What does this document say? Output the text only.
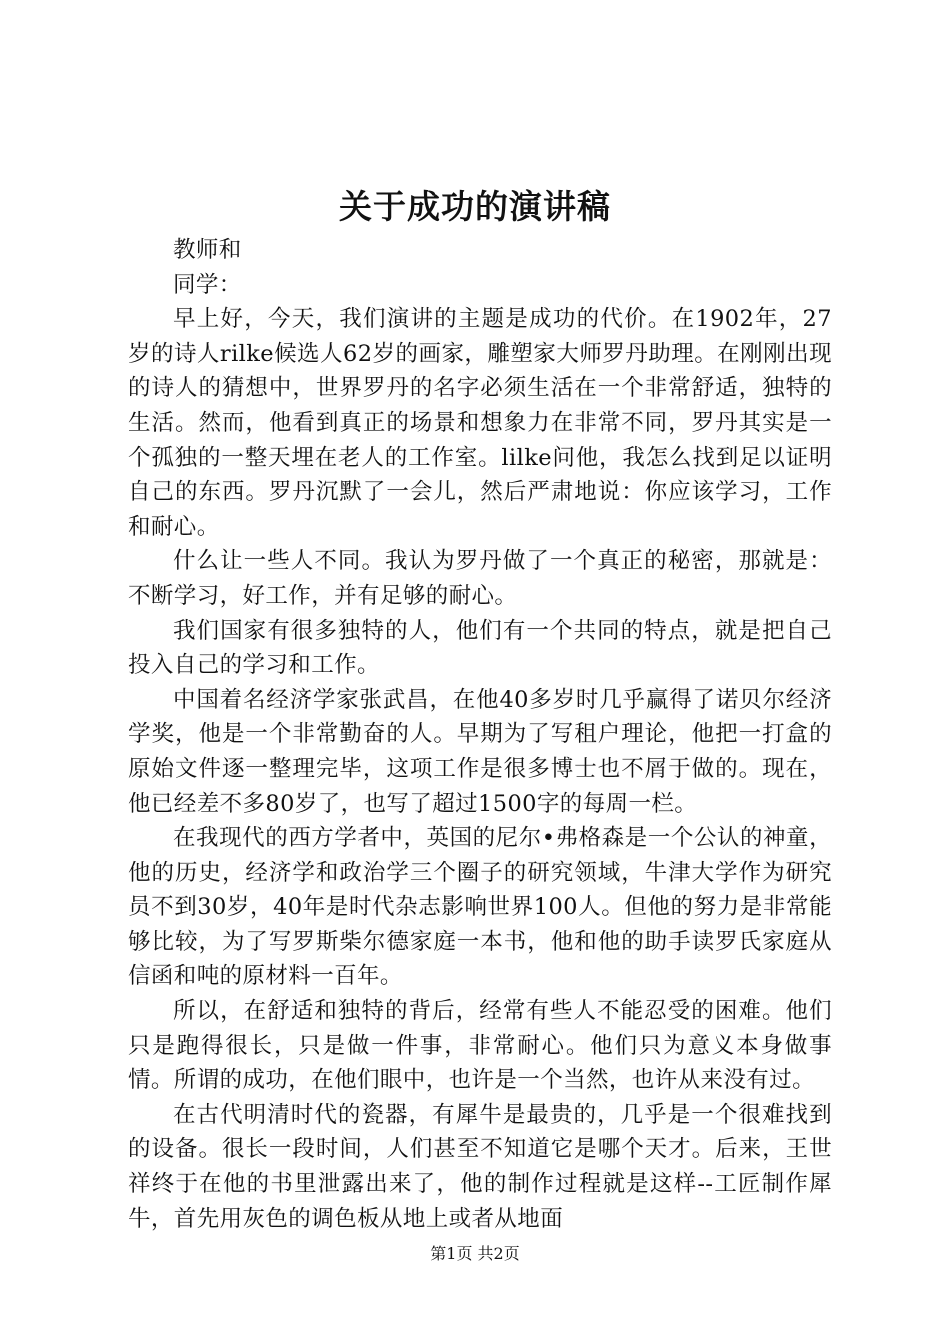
关于成功的演讲稿

教师和

同学：

早上好，今天，我们演讲的主题是成功的代价。在1902年，27岁的诗人rilke候选人62岁的画家，雕塑家大师罗丹助理。在刚刚出现的诗人的猜想中，世界罗丹的名字必须生活在一个非常舒适，独特的生活。然而，他看到真正的场景和想象力在非常不同，罗丹其实是一个孤独的一整天埋在老人的工作室。lilke问他，我怎么找到足以证明自己的东西。罗丹沉默了一会儿，然后严肃地说：你应该学习，工作和耐心。

什么让一些人不同。我认为罗丹做了一个真正的秘密，那就是：不断学习，好工作，并有足够的耐心。

我们国家有很多独特的人，他们有一个共同的特点，就是把自己投入自己的学习和工作。

中国着名经济学家张武昌，在他40多岁时几乎赢得了诺贝尔经济学奖，他是一个非常勤奋的人。早期为了写租户理论，他把一打盒的原始文件逐一整理完毕，这项工作是很多博士也不屑于做的。现在，他已经差不多80岁了，也写了超过1500字的每周一栏。

在我现代的西方学者中，英国的尼尔•弗格森是一个公认的神童，他的历史，经济学和政治学三个圈子的研究领域，牛津大学作为研究员不到30岁，40年是时代杂志影响世界100人。但他的努力是非常能够比较，为了写罗斯柴尔德家庭一本书，他和他的助手读罗氏家庭从信函和吨的原材料一百年。

所以，在舒适和独特的背后，经常有些人不能忍受的困难。他们只是跑得很长，只是做一件事，非常耐心。他们只为意义本身做事情。所谓的成功，在他们眼中，也许是一个当然，也许从来没有过。

在古代明清时代的瓷器，有犀牛是最贵的，几乎是一个很难找到的设备。很长一段时间，人们甚至不知道它是哪个天才。后来，王世祥终于在他的书里泄露出来了，他的制作过程就是这样--工匠制作犀牛，首先用灰色的调色板从地上或者从地面

第1页 共2页
